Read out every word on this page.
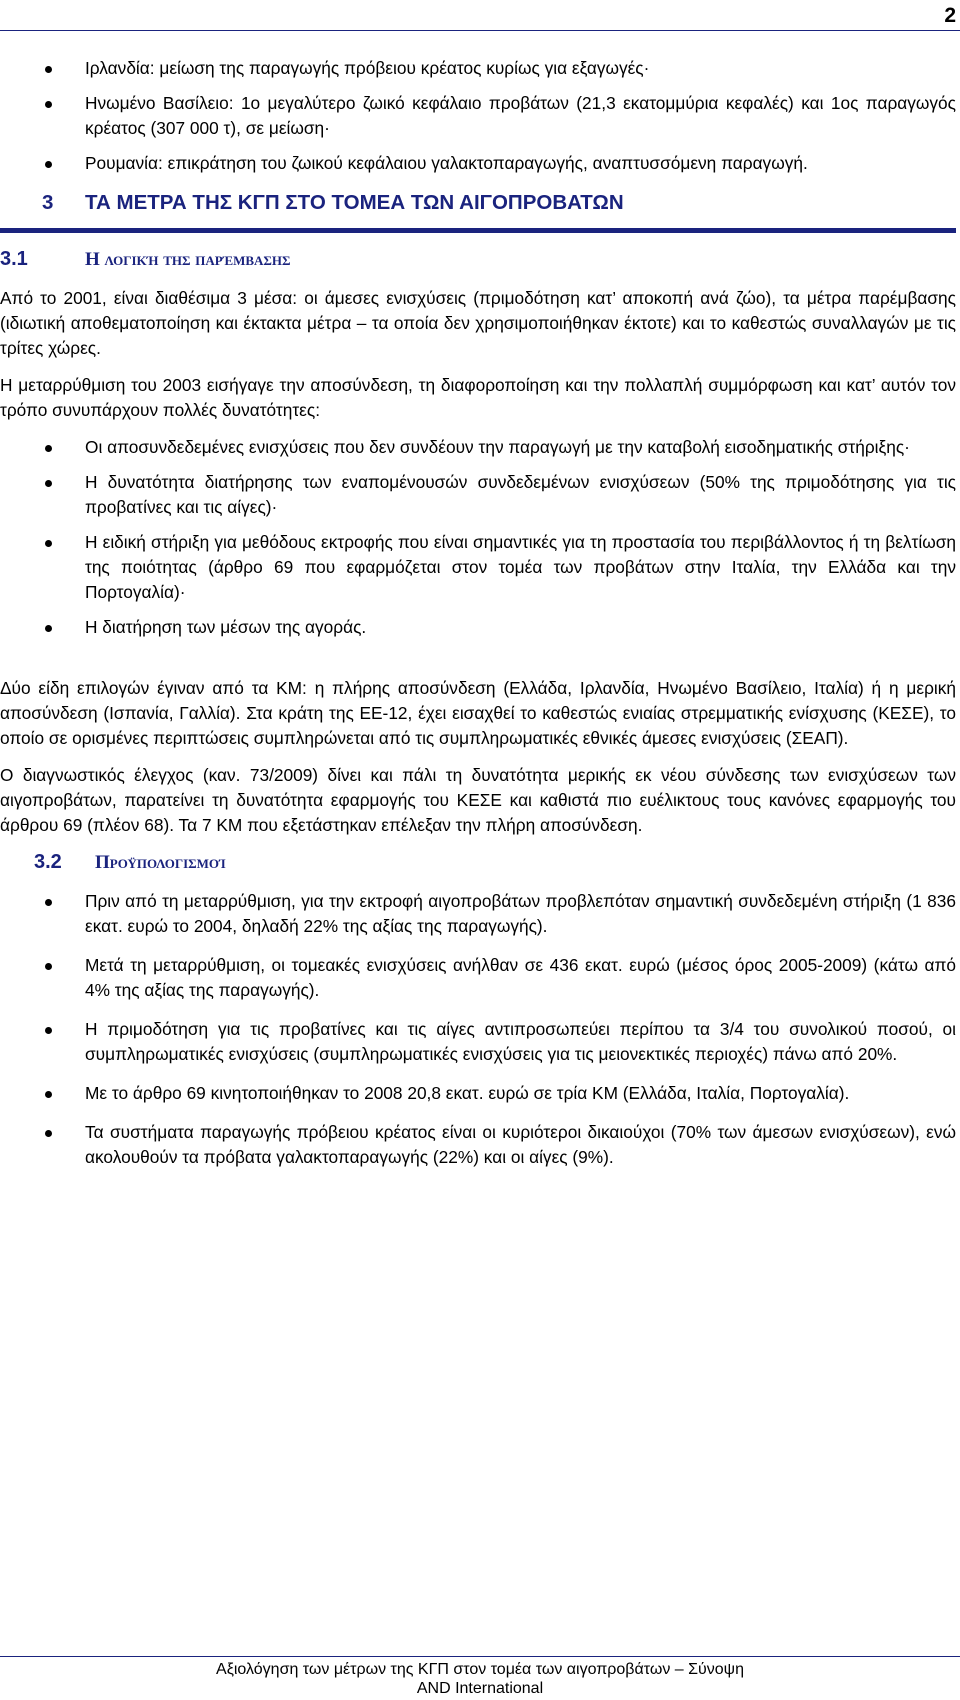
2
Ιρλανδία: μείωση της παραγωγής πρόβειου κρέατος κυρίως για εξαγωγές·
Ηνωμένο Βασίλειο: 1ο μεγαλύτερο ζωικό κεφάλαιο προβάτων (21,3 εκατομμύρια κεφαλές) και 1ος παραγωγός κρέατος (307 000 τ), σε μείωση·
Ρουμανία: επικράτηση του ζωικού κεφάλαιου γαλακτοπαραγωγής, αναπτυσσόμενη παραγωγή.
3	ΤΑ ΜΕΤΡΑ ΤΗΣ ΚΓΠ ΣΤΟ ΤΟΜΕΑ ΤΩΝ ΑΙΓΟΠΡΟΒΑΤΩΝ
3.1	Η λογική της παρέμβασης

Από το 2001, είναι διαθέσιμα 3 μέσα: οι άμεσες ενισχύσεις (πριμοδότηση κατ’ αποκοπή ανά ζώο), τα μέτρα παρέμβασης (ιδιωτική αποθεματοποίηση και έκτακτα μέτρα – τα οποία δεν χρησιμοποιήθηκαν έκτοτε) και το καθεστώς συναλλαγών με τις τρίτες χώρες.

Η μεταρρύθμιση του 2003 εισήγαγε την αποσύνδεση, τη διαφοροποίηση και την πολλαπλή συμμόρφωση και κατ’ αυτόν τον τρόπο συνυπάρχουν πολλές δυνατότητες:

Οι αποσυνδεδεμένες ενισχύσεις που δεν συνδέουν την παραγωγή με την καταβολή εισοδηματικής στήριξης·
Η δυνατότητα διατήρησης των εναπομένουσών συνδεδεμένων ενισχύσεων (50% της πριμοδότησης για τις προβατίνες και τις αίγες)·
Η ειδική στήριξη για μεθόδους εκτροφής που είναι σημαντικές για τη προστασία του περιβάλλοντος ή τη βελτίωση της ποιότητας (άρθρο 69 που εφαρμόζεται στον τομέα των προβάτων στην Ιταλία, την Ελλάδα και την Πορτογαλία)·
Η διατήρηση των μέσων της αγοράς.

Δύο είδη επιλογών έγιναν από τα ΚΜ: η πλήρης αποσύνδεση (Ελλάδα, Ιρλανδία, Ηνωμένο Βασίλειο, Ιταλία) ή η μερική αποσύνδεση (Ισπανία, Γαλλία). Στα κράτη της ΕΕ-12, έχει εισαχθεί το καθεστώς ενιαίας στρεμματικής ενίσχυσης (ΚΕΣΕ), το οποίο σε ορισμένες περιπτώσεις συμπληρώνεται από τις συμπληρωματικές εθνικές άμεσες ενισχύσεις (ΣΕΑΠ).

Ο διαγνωστικός έλεγχος (καν. 73/2009) δίνει και πάλι τη δυνατότητα μερικής εκ νέου σύνδεσης των ενισχύσεων των αιγοπροβάτων, παρατείνει τη δυνατότητα εφαρμογής του ΚΕΣΕ και καθιστά πιο ευέλικτους τους κανόνες εφαρμογής του άρθρου 69 (πλέον 68). Τα 7 ΚΜ που εξετάστηκαν επέλεξαν την πλήρη αποσύνδεση.

3.2	Προϋπολογισμοί
Πριν από τη μεταρρύθμιση, για την εκτροφή αιγοπροβάτων προβλεπόταν σημαντική συνδεδεμένη στήριξη (1 836 εκατ. ευρώ το 2004, δηλαδή 22% της αξίας της παραγωγής).
Μετά τη μεταρρύθμιση, οι τομεακές ενισχύσεις ανήλθαν σε 436 εκατ. ευρώ (μέσος όρος 2005-2009) (κάτω από 4% της αξίας της παραγωγής).
Η πριμοδότηση για τις προβατίνες και τις αίγες αντιπροσωπεύει περίπου τα 3/4 του συνολικού ποσού, οι συμπληρωματικές ενισχύσεις (συμπληρωματικές ενισχύσεις για τις μειονεκτικές περιοχές) πάνω από 20%.
Με το άρθρο 69 κινητοποιήθηκαν το 2008 20,8 εκατ. ευρώ σε τρία ΚΜ (Ελλάδα, Ιταλία, Πορτογαλία).
Τα συστήματα παραγωγής πρόβειου κρέατος είναι οι κυριότεροι δικαιούχοι (70% των άμεσων ενισχύσεων), ενώ ακολουθούν τα πρόβατα γαλακτοπαραγωγής (22%) και οι αίγες (9%).
Αξιολόγηση των μέτρων της ΚΓΠ στον τομέα των αιγοπροβάτων – Σύνοψη
AND International
